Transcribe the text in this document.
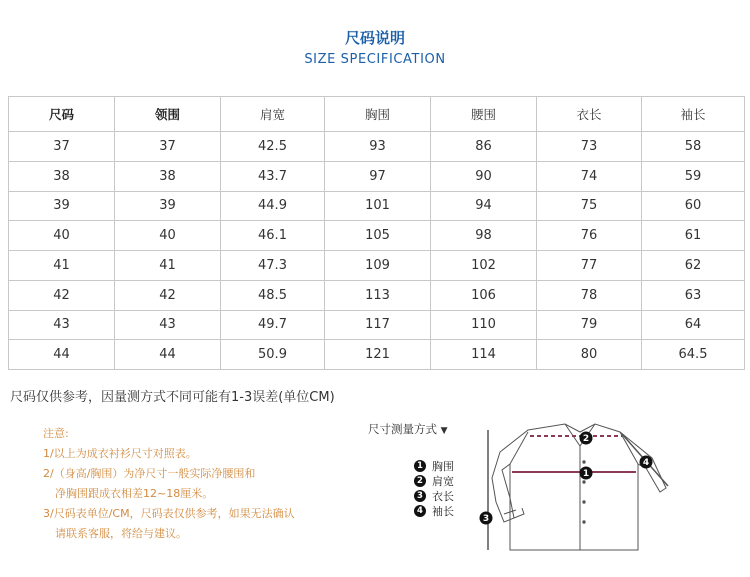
尺码说明
SIZE SPECIFICATION
尺码	领围	肩宽	胸围	腰围	衣长	袖长
37	37	42.5	93	86	73	58
38	38	43.7	97	90	74	59
39	39	44.9	101	94	75	60
40	40	46.1	105	98	76	61
41	41	47.3	109	102	77	62
42	42	48.5	113	106	78	63
43	43	49.7	117	110	79	64
44	44	50.9	121	114	80	64.5
尺码仅供参考，因量测方式不同可能有1-3误差(单位CM)
注意:
1/以上为成衣衬衫尺寸对照表。
2/（身高/胸围）为净尺寸一般实际净腰围和
净胸围跟成衣相差12~18厘米。
3/尺码表单位/CM，尺码表仅供参考，如果无法确认
请联系客服，将给与建议。
尺寸测量方式 ▼
1 胸围
2 肩宽
3 衣长
4 袖长
2
1
4
3
